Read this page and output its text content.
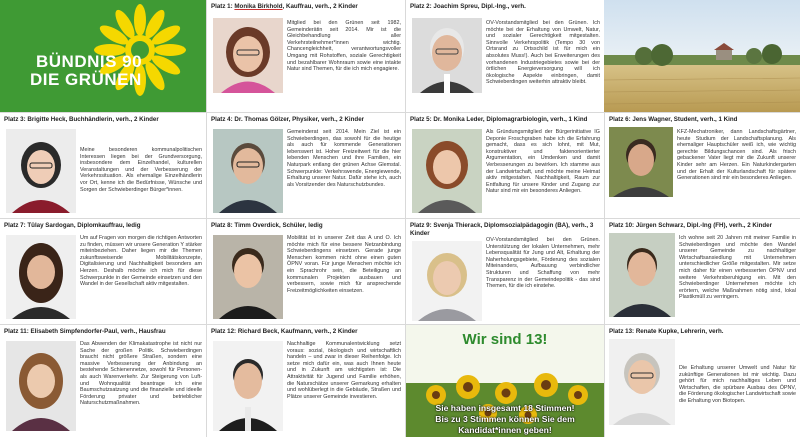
BÜNDNIS 90
DIE GRÜNEN
Platz 1: Monika Birkhold, Kauffrau, verh., 2 Kinder
Mitglied bei den Grünen seit 1982, Gemeinderätin seit 2014. Mir ist die Gleichbehandlung aller Verkehrsteilnehmer*innen wichtig. Chancengleichheit, verantwortungsvoller Umgang mit Rohstoffen, soziale Gerechtigkeit und bezahlbarer Wohnraum sowie eine intakte Natur sind Themen, für die ich mich engagiere.
Platz 2: Joachim Spreu, Dipl.-Ing., verh.
OV-Vorstandsmitglied bei den Grünen. Ich möchte bei der Erhaltung von Umwelt, Natur, und sozialer Gerechtigkeit mitgestalten. Sinnvolle Verkehrspolitik (Tempo 30 von Ortsrand zu Ortsschild ist für mich ein absolutes Muss!). Auch bei Erweiterungen des vorhandenen Industriegebietes sowie bei der örtlichen Energieversorgung will ich ökologische Aspekte einbringen, damit Schwieberdingen weiterhin attraktiv bleibt.
Platz 3: Brigitte Heck, Buchhändlerin, verh., 2 Kinder
Meine besonderen kommunalpolitischen Interessen liegen bei der Grundversorgung, insbesondere dem Einzelhandel, kulturellen Veranstaltungen und der Verbesserung der Verkehrssituation. Als ehemalige Einzelhändlerin vor Ort, kenne ich die Bedürfnisse, Wünsche und Sorgen der Schwieberdinger Bürger*innen.
Platz 4: Dr. Thomas Gölzer, Physiker, verh., 2 Kinder
Gemeinderat seit 2014. Mein Ziel ist ein Schwieberdingen, das sowohl für die heutige als auch für kommende Generationen lebenswert ist. Hoher Freizeitwert für die hier lebenden Menschen und ihre Familien, ein Naturpark entlang der grünen Achse Glemstal. Schwerpunkte: Verkehrswende, Energiewende, Erhaltung unserer Natur. Dafür stehe ich, auch als Vorsitzender des Naturschutzbundes.
Platz 5: Dr. Monika Leder, Diplomagrarbiologin, verh., 1 Kind
Als Gründungsmitglied der Bürgerinitiative IG Deponie Froschgraben habe ich die Erfahrung gemacht, dass es sich lohnt, mit Mut, konstruktiver und faktenorientierter Argumentation, ein Umdenken und damit Verbesserungen zu bewirken. Ich stamme aus der Landwirtschaft, und möchte meine Heimat aktiv mitgestalten. Nachhaltigkeit, Raum zur Entfaltung für unsere Kinder und Zugang zur Natur sind mir ein besonderes Anliegen.
Platz 6: Jens Wagner, Student, verh., 1 Kind
KFZ-Mechatroniker, dann Landschaftsgärtner, heute Studium der Landschaftsplanung. Als ehemaliger Hauptschüler weiß ich, wie wichtig gerechte Bildungschancen sind. Als frisch gebackener Vater liegt mir die Zukunft unserer Kinder sehr am Herzen. Ein Naturkindergarten und der Erhalt der Kulturlandschaft für spätere Generationen sind mir ein besonderes Anliegen.
Platz 7: Tülay Sardogan, Diplomkauffrau, ledig
Um auf Fragen von morgen die richtigen Antworten zu finden, müssen wir unsere Generation Y stärker miteinbeziehen. Daher liegen mir die Themen zukunftsweisende Mobilitätskonzepte, Digitalisierung und Nachhaltigkeit besonders am Herzen. Deshalb möchte ich mich für diese Schwerpunkte in der Gemeinde einsetzen und den Wandel in der Gesellschaft aktiv mitgestalten.
Platz 8: Timm Overdick, Schüler, ledig
Mobilität ist in unserer Zeit das A und O. Ich möchte mich für eine bessere Netzanbindung Schwieberdingens einsetzen. Gerade junge Menschen kommen nicht ohne einen guten ÖPNV voran. Für junge Menschen möchte ich ein Sprachrohr sein, die Beteiligung an kommunalen Projekten ausbauen und verbessern, sowie mich für ansprechende Freizeitmöglichkeiten einsetzen.
Platz 9: Svenja Thierack, Diplomsozialpädagogin (BA), verh., 3 Kinder
OV-Vorstandsmitglied bei den Grünen. Unterstützung der lokalen Unternehmen, mehr Lebensqualität für Jung und Alt, Erhaltung der Naherholungsgebiete, Förderung des sozialen Miteinanders, Aufbauung verbindlicher Strukturen und Schaffung von mehr Transparenz in der Gemeindepolitik - das sind Themen, für die ich einstehe.
Platz 10: Jürgen Schwarz, Dipl.-Ing (FH), verh., 2 Kinder
Ich wohne seit 20 Jahren mit meiner Familie in Schwieberdingen und möchte den Wandel unserer Gemeinde zu nachhaltiger Wirtschaftsansiedlung mit Unternehmen unterschiedlicher Größe mitgestalten. Mir setze mich daher für einen verbesserten ÖPNV und weitere Verkehrsberuhigung ein. Mit den Schwieberdinger Unternehmen möchte ich erörtern, welche Maßnahmen nötig sind, lokal Plastikmüll zu verringern.
Platz 11: Elisabeth Simpfendorfer-Paul, verh., Hausfrau
Das Abwenden der Klimakatastrophe ist nicht nur Sache der großen Politik. Schwieberdingen braucht nicht größere Straßen, sondern eine massive Verbesserung der Anbindung an bestehende Schienennetze, sowohl für Personen- als auch Warenverkehr. Zur Steigerung von Luft- und Wohnqualität beantrage ich eine Baumschutzsatzung und die finanzielle und ideelle Förderung privater und betrieblicher Naturschutzmaßnahmen.
Platz 12: Richard Beck, Kaufmann, verh., 2 Kinder
Nachhaltige Kommunalentwicklung setzt voraus: sozial, ökologisch und wirtschaftlich handeln – und zwar in dieser Reihenfolge. Ich setze mich dafür ein, was auch Ihnen heute und in Zukunft am wichtigsten ist: Die Attraktivität für Jugend und Familie erhöhen, die Naturschätze unserer Gemarkung erhalten und wohlüberlegt in die Gebäude, Straßen und Plätze unserer Gemeinde investieren.
Wir sind 13!
Sie haben insgesamt 18 Stimmen!
Bis zu 3 Stimmen können Sie dem
Kandidat*innen geben!
Platz 13: Renate Kupke, Lehrerin, verh.
Die Erhaltung unserer Umwelt und Natur für zukünftige Generationen ist mir wichtig. Dazu gehört für mich nachhaltiges Leben und Wirtschaften, die spürbare Ausbau des ÖPNV, die Förderung ökologischer Landwirtschaft sowie die Erhaltung von Biotopen.
